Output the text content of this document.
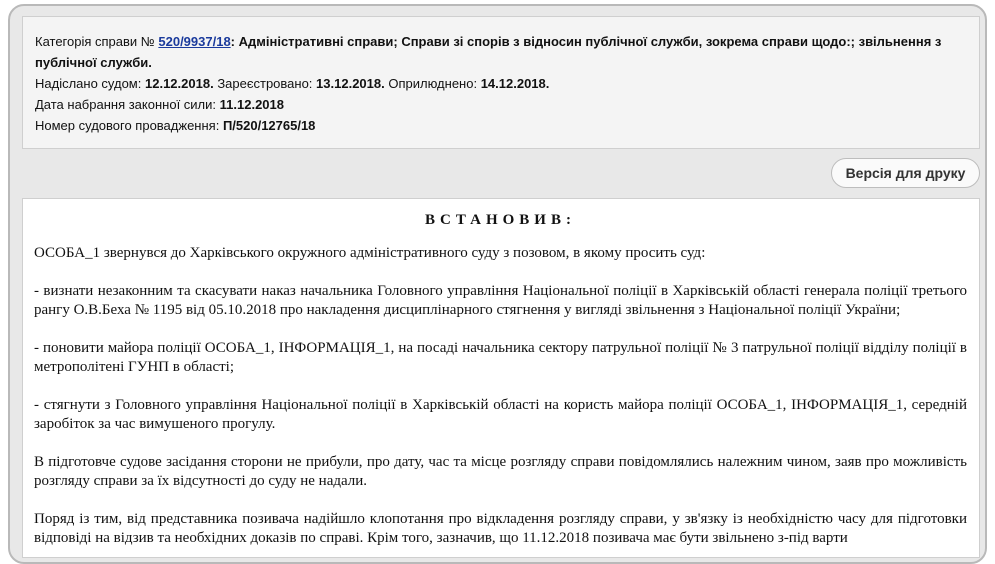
Категорія справи № 520/9937/18: Адміністративні справи; Справи зі спорів з відносин публічної служби, зокрема справи щодо:; звільнення з публічної служби.

Надіслано судом: 12.12.2018. Зареєстровано: 13.12.2018. Оприлюднено: 14.12.2018.

Дата набрання законної сили: 11.12.2018

Номер судового провадження: П/520/12765/18

Версія для друку
ВСТАНОВИВ:

ОСОБА_1 звернувся до Харківського окружного адміністративного суду з позовом, в якому просить суд:

- визнати незаконним та скасувати наказ начальника Головного управління Національної поліції в Харківській області генерала поліції третього рангу О.В.Беха № 1195 від 05.10.2018 про накладення дисциплінарного стягнення у вигляді звільнення з Національної поліції України;

- поновити майора поліції ОСОБА_1, ІНФОРМАЦІЯ_1, на посаді начальника сектору патрульної поліції № 3 патрульної поліції відділу поліції в метрополітені ГУНП в області;

- стягнути з Головного управління Національної поліції в Харківській області на користь майора поліції ОСОБА_1, ІНФОРМАЦІЯ_1, середній заробіток за час вимушеного прогулу.

В підготовче судове засідання сторони не прибули, про дату, час та місце розгляду справи повідомлялись належним чином, заяв про можливість розгляду справи за їх відсутності до суду не надали.

Поряд із тим, від представника позивача надійшло клопотання про відкладення розгляду справи, у зв'язку із необхідністю часу для підготовки відповіді на відзив та необхідних доказів по справі. Крім того, зазначив, що 11.12.2018 позивача має бути звільнено з-під варти
